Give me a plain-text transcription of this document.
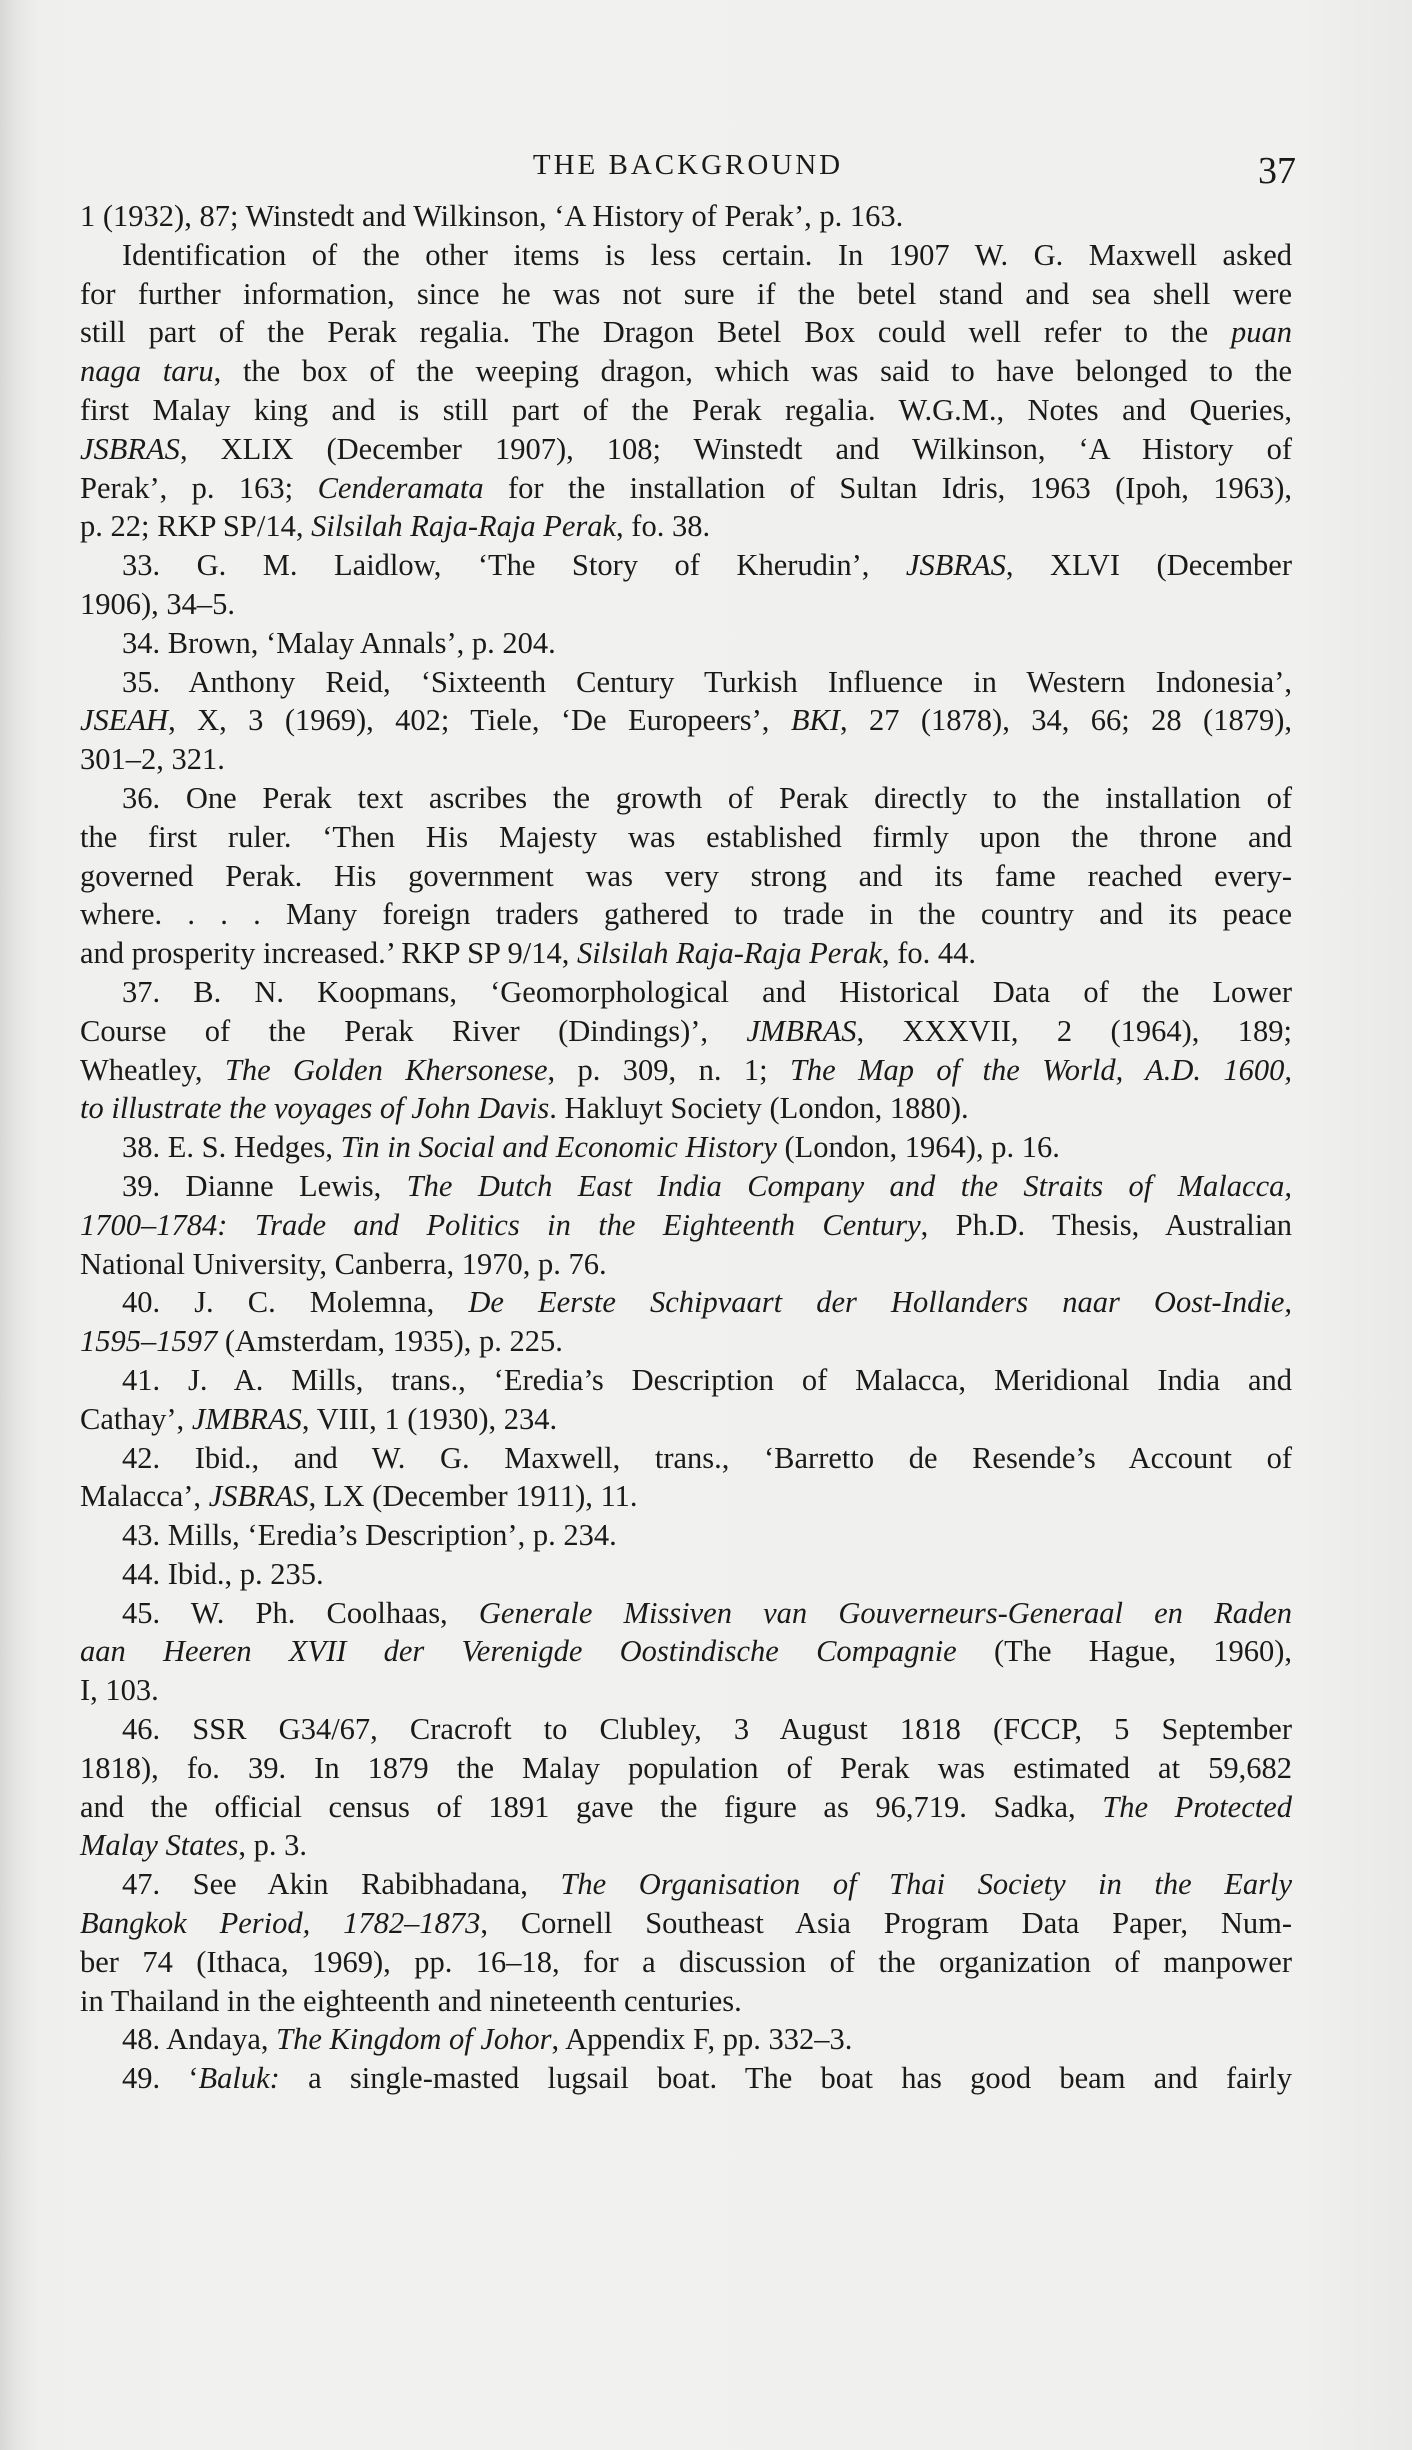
THE BACKGROUND	37
1 (1932), 87; Winstedt and Wilkinson, ‘A History of Perak’, p. 163.
Identification of the other items is less certain. In 1907 W. G. Maxwell asked
for further information, since he was not sure if the betel stand and sea shell were
still part of the Perak regalia. The Dragon Betel Box could well refer to the puan
naga taru, the box of the weeping dragon, which was said to have belonged to the
first Malay king and is still part of the Perak regalia. W.G.M., Notes and Queries,
JSBRAS, XLIX (December 1907), 108; Winstedt and Wilkinson, ‘A History of
Perak’, p. 163; Cenderamata for the installation of Sultan Idris, 1963 (Ipoh, 1963),
p. 22; RKP SP/14, Silsilah Raja-Raja Perak, fo. 38.
33. G. M. Laidlow, ‘The Story of Kherudin’, JSBRAS, XLVI (December
1906), 34–5.
34. Brown, ‘Malay Annals’, p. 204.
35. Anthony Reid, ‘Sixteenth Century Turkish Influence in Western Indonesia’,
JSEAH, X, 3 (1969), 402; Tiele, ‘De Europeers’, BKI, 27 (1878), 34, 66; 28 (1879),
301–2, 321.
36. One Perak text ascribes the growth of Perak directly to the installation of
the first ruler. ‘Then His Majesty was established firmly upon the throne and
governed Perak. His government was very strong and its fame reached every-
where. . . . Many foreign traders gathered to trade in the country and its peace
and prosperity increased.’ RKP SP 9/14, Silsilah Raja-Raja Perak, fo. 44.
37. B. N. Koopmans, ‘Geomorphological and Historical Data of the Lower
Course of the Perak River (Dindings)’, JMBRAS, XXXVII, 2 (1964), 189;
Wheatley, The Golden Khersonese, p. 309, n. 1; The Map of the World, A.D. 1600,
to illustrate the voyages of John Davis. Hakluyt Society (London, 1880).
38. E. S. Hedges, Tin in Social and Economic History (London, 1964), p. 16.
39. Dianne Lewis, The Dutch East India Company and the Straits of Malacca,
1700–1784: Trade and Politics in the Eighteenth Century, Ph.D. Thesis, Australian
National University, Canberra, 1970, p. 76.
40. J. C. Molemna, De Eerste Schipvaart der Hollanders naar Oost-Indie,
1595–1597 (Amsterdam, 1935), p. 225.
41. J. A. Mills, trans., ‘Eredia’s Description of Malacca, Meridional India and
Cathay’, JMBRAS, VIII, 1 (1930), 234.
42. Ibid., and W. G. Maxwell, trans., ‘Barretto de Resende’s Account of
Malacca’, JSBRAS, LX (December 1911), 11.
43. Mills, ‘Eredia’s Description’, p. 234.
44. Ibid., p. 235.
45. W. Ph. Coolhaas, Generale Missiven van Gouverneurs-Generaal en Raden
aan Heeren XVII der Verenigde Oostindische Compagnie (The Hague, 1960),
I, 103.
46. SSR G34/67, Cracroft to Clubley, 3 August 1818 (FCCP, 5 September
1818), fo. 39. In 1879 the Malay population of Perak was estimated at 59,682
and the official census of 1891 gave the figure as 96,719. Sadka, The Protected
Malay States, p. 3.
47. See Akin Rabibhadana, The Organisation of Thai Society in the Early
Bangkok Period, 1782–1873, Cornell Southeast Asia Program Data Paper, Num-
ber 74 (Ithaca, 1969), pp. 16–18, for a discussion of the organization of manpower
in Thailand in the eighteenth and nineteenth centuries.
48. Andaya, The Kingdom of Johor, Appendix F, pp. 332–3.
49. ‘Baluk: a single-masted lugsail boat. The boat has good beam and fairly
